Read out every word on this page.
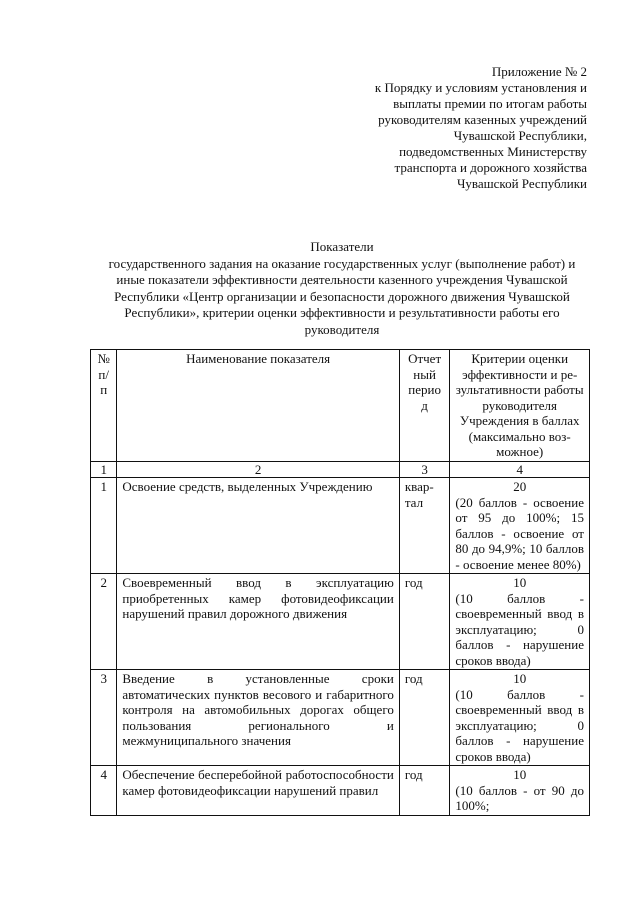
Приложение № 2
к Порядку и условиям установления и
выплаты премии по итогам работы
руководителям казенных учреждений
Чувашской Республики,
подведомственных Министерству
транспорта и дорожного хозяйства
Чувашской Республики
Показатели
государственного задания на оказание государственных услуг (выполнение работ) и иные показатели эффективности деятельности казенного учреждения Чувашской Республики «Центр организации и безопасности дорожного движения Чувашской Республики», критерии оценки эффективности и результативности работы его руководителя
№ п/п	Наименование показателя	Отчет ный перио д	Критерии оценки эффективности и ре-зультативности работы руководителя Учреждения в баллах (максимально воз-можное)
1	2	3	4
1	Освоение средств, выделенных Учреждению	квар-тал	20
(20 баллов - освоение от 95 до 100%; 15 баллов - освоение от 80 до 94,9%; 10 баллов - освоение менее 80%)

2	Своевременный ввод в эксплуатацию приобретенных камер фотовидеофиксации нарушений правил дорожного движения	год	10
(10 баллов - своевременный ввод в эксплуатацию; 0 баллов - нарушение сроков ввода)

3	Введение в установленные сроки автоматических пунктов весового и габаритного контроля на автомобильных дорогах общего пользования регионального и межмуниципального значения	год	10
(10 баллов - своевременный ввод в эксплуатацию; 0 баллов - нарушение сроков ввода)

4	Обеспечение бесперебойной работоспособности камер фотовидеофиксации нарушений правил	год	10
(10 баллов - от 90 до 100%;
